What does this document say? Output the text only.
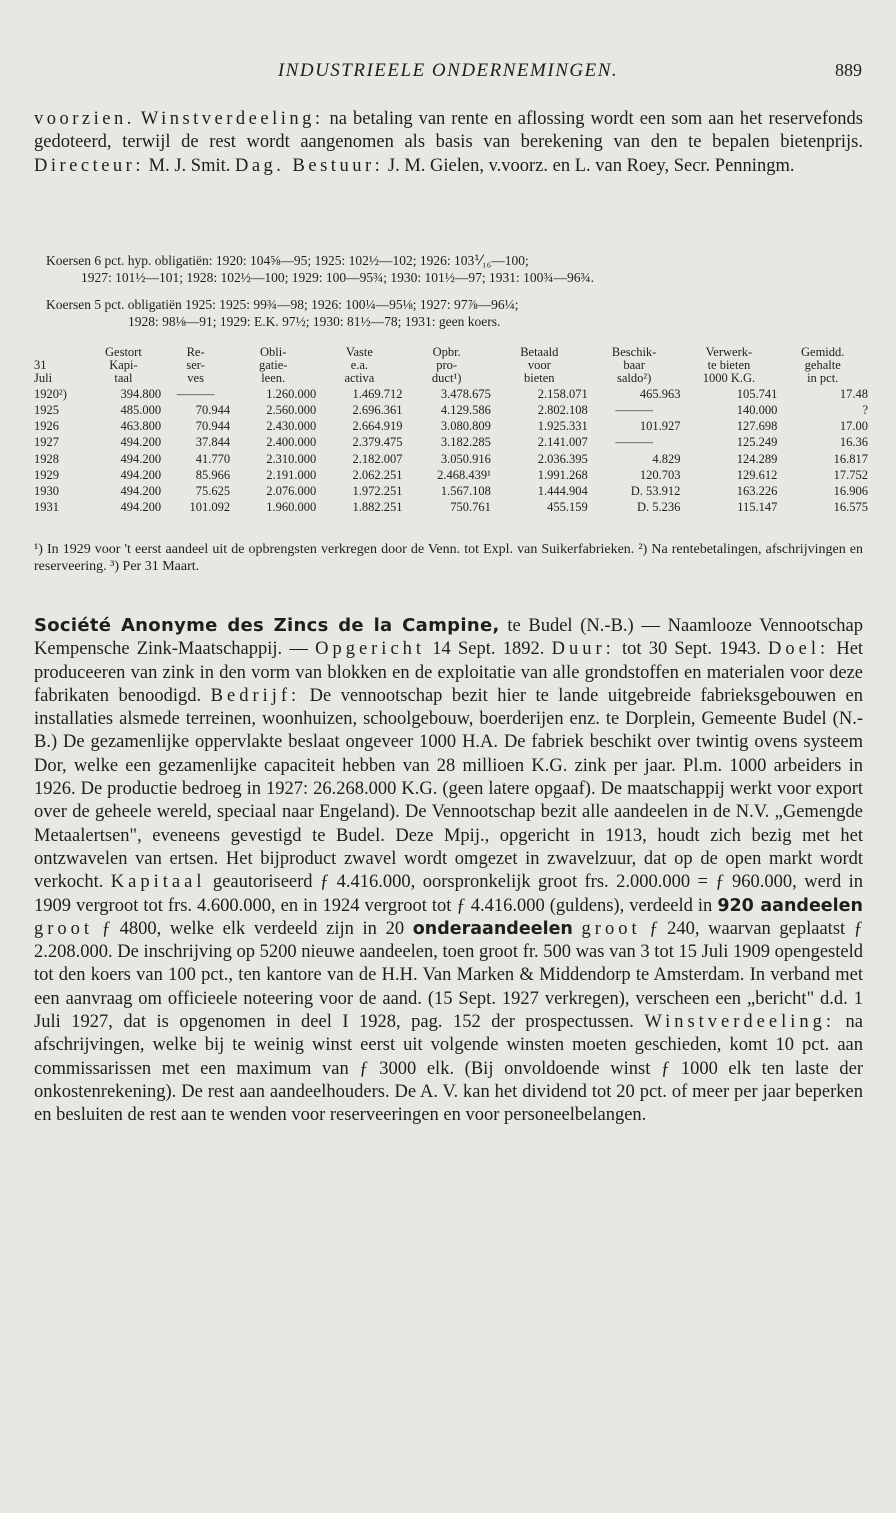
INDUSTRIEELE ONDERNEMINGEN.	889
voorzien. Winstverdeeling: na betaling van rente en aflossing wordt een som aan het reservefonds gedoteerd, terwijl de rest wordt aangenomen als basis van berekening van den te bepalen bietenprijs. Directeur: M. J. Smit. Dag. Bestuur: J. M. Gielen, v.voorz. en L. van Roey, Secr. Penningm.
Koersen 6 pct. hyp. obligatiën: 1920: 104⅝—95; 1925: 102½—102; 1926: 103⅟₁₆—100;
1927: 101½—101; 1928: 102½—100; 1929: 100—95¾; 1930: 101½—97; 1931: 100¾—96¾.
Koersen 5 pct. obligatiën 1925: 1925: 99¾—98; 1926: 100¼—95⅛; 1927: 97⅞—96¼;
1928: 98⅛—91; 1929: E.K. 97½; 1930: 81½—78; 1931: geen koers.
	Gestort	Re-	Obli-	Vaste	Opbr.	Betaald	Beschik-	Verwerk-	Gemidd.
31	Kapi-	ser-	gatie-	e.a.	pro-	voor	baar	te bieten	gehalte
Juli	taal	ves	leen.	activa	duct¹)	bieten	saldo²)	1000 K.G.	in pct.
1920²)	394.800	———	1.260.000	1.469.712	3.478.675	2.158.071	465.963	105.741	17.48
1925	485.000	70.944	2.560.000	2.696.361	4.129.586	2.802.108	———	140.000	?
1926	463.800	70.944	2.430.000	2.664.919	3.080.809	1.925.331	101.927	127.698	17.00
1927	494.200	37.844	2.400.000	2.379.475	3.182.285	2.141.007	———	125.249	16.36
1928	494.200	41.770	2.310.000	2.182.007	3.050.916	2.036.395	4.829	124.289	16.817
1929	494.200	85.966	2.191.000	2.062.251	2.468.439¹	1.991.268	120.703	129.612	17.752
1930	494.200	75.625	2.076.000	1.972.251	1.567.108	1.444.904	D. 53.912	163.226	16.906
1931	494.200	101.092	1.960.000	1.882.251	750.761	455.159	D. 5.236	115.147	16.575
¹) In 1929 voor 't eerst aandeel uit de opbrengsten verkregen door de Venn. tot Expl. van Suikerfabrieken. ²) Na rentebetalingen, afschrijvingen en reserveering. ³) Per 31 Maart.
Société Anonyme des Zincs de la Campine, te Budel (N.-B.) — Naamlooze Vennootschap Kempensche Zink-Maatschappij. — Opgericht 14 Sept. 1892. Duur: tot 30 Sept. 1943. Doel: Het produceeren van zink in den vorm van blokken en de exploitatie van alle grondstoffen en materialen voor deze fabrikaten benoodigd. Bedrijf: De vennootschap bezit hier te lande uitgebreide fabrieksgebouwen en installaties alsmede terreinen, woonhuizen, schoolgebouw, boerderijen enz. te Dorplein, Gemeente Budel (N.-B.) De gezamenlijke oppervlakte beslaat ongeveer 1000 H.A. De fabriek beschikt over twintig ovens systeem Dor, welke een gezamenlijke capaciteit hebben van 28 millioen K.G. zink per jaar. Pl.m. 1000 arbeiders in 1926. De productie bedroeg in 1927: 26.268.000 K.G. (geen latere opgaaf). De maatschappij werkt voor export over de geheele wereld, speciaal naar Engeland). De Vennootschap bezit alle aandeelen in de N.V. „Gemengde Metaalertsen", eveneens gevestigd te Budel. Deze Mpij., opgericht in 1913, houdt zich bezig met het ontzwavelen van ertsen. Het bijproduct zwavel wordt omgezet in zwavelzuur, dat op de open markt wordt verkocht. Kapitaal geautoriseerd ƒ 4.416.000, oorspronkelijk groot frs. 2.000.000 = ƒ 960.000, werd in 1909 vergroot tot frs. 4.600.000, en in 1924 vergroot tot ƒ 4.416.000 (guldens), verdeeld in 920 aandeelen groot ƒ 4800, welke elk verdeeld zijn in 20 onderaandeelen groot ƒ 240, waarvan geplaatst ƒ 2.208.000. De inschrijving op 5200 nieuwe aandeelen, toen groot fr. 500 was van 3 tot 15 Juli 1909 opengesteld tot den koers van 100 pct., ten kantore van de H.H. Van Marken & Middendorp te Amsterdam. In verband met een aanvraag om officieele noteering voor de aand. (15 Sept. 1927 verkregen), verscheen een „bericht" d.d. 1 Juli 1927, dat is opgenomen in deel I 1928, pag. 152 der prospectussen. Winstverdeeling: na afschrijvingen, welke bij te weinig winst eerst uit volgende winsten moeten geschieden, komt 10 pct. aan commissarissen met een maximum van ƒ 3000 elk. (Bij onvoldoende winst ƒ 1000 elk ten laste der onkostenrekening). De rest aan aandeelhouders. De A. V. kan het dividend tot 20 pct. of meer per jaar beperken en besluiten de rest aan te wenden voor reserveeringen en voor personeelbelangen.
